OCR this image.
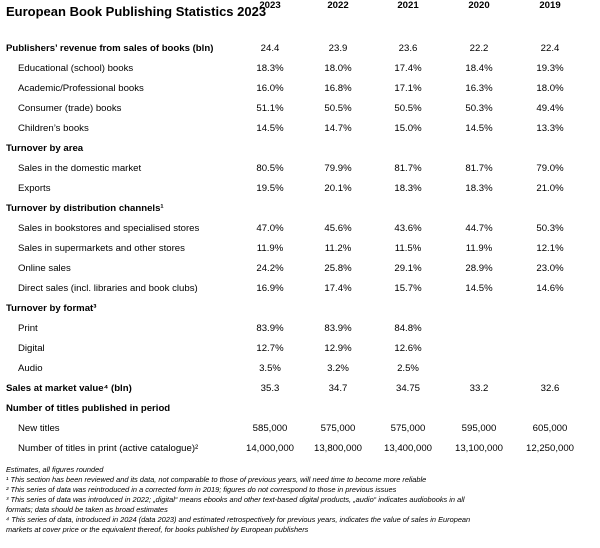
European Book Publishing Statistics 2023
2023	2022	2021	2020	2019
Publishers’ revenue from sales of books (bln)	24.4	23.9	23.6	22.2	22.4
Educational (school) books	18.3%	18.0%	17.4%	18.4%	19.3%
Academic/Professional books	16.0%	16.8%	17.1%	16.3%	18.0%
Consumer (trade) books	51.1%	50.5%	50.5%	50.3%	49.4%
Children’s books	14.5%	14.7%	15.0%	14.5%	13.3%
Turnover by area
Sales in the domestic market	80.5%	79.9%	81.7%	81.7%	79.0%
Exports	19.5%	20.1%	18.3%	18.3%	21.0%
Turnover by distribution channels¹
Sales in bookstores and specialised stores	47.0%	45.6%	43.6%	44.7%	50.3%
Sales in supermarkets and other stores	11.9%	11.2%	11.5%	11.9%	12.1%
Online sales	24.2%	25.8%	29.1%	28.9%	23.0%
Direct sales (incl. libraries and book clubs)	16.9%	17.4%	15.7%	14.5%	14.6%
Turnover by format³
Print	83.9%	83.9%	84.8%
Digital	12.7%	12.9%	12.6%
Audio	3.5%	3.2%	2.5%
Sales at market value⁴ (bln)	35.3	34.7	34.75	33.2	32.6
Number of titles published in period
New titles	585,000	575,000	575,000	595,000	605,000
Number of titles in print (active catalogue)²	14,000,000	13,800,000	13,400,000	13,100,000	12,250,000
Estimates, all figures rounded
¹ This section has been reviewed and its data, not comparable to those of previous years, will need time to become more reliable
² This series of data was reintroduced in a corrected form in 2019; figures do not correspond to those in previous issues
³ This series of data was introduced in 2022; „digital“ means ebooks and other text-based digital products, „audio“ indicates audiobooks in all
formats; data should be taken as broad estimates
⁴ This series of data, introduced in 2024 (data 2023) and estimated retrospectively for previous years, indicates the value of sales in European
markets at cover price or the equivalent thereof, for books published by European publishers
